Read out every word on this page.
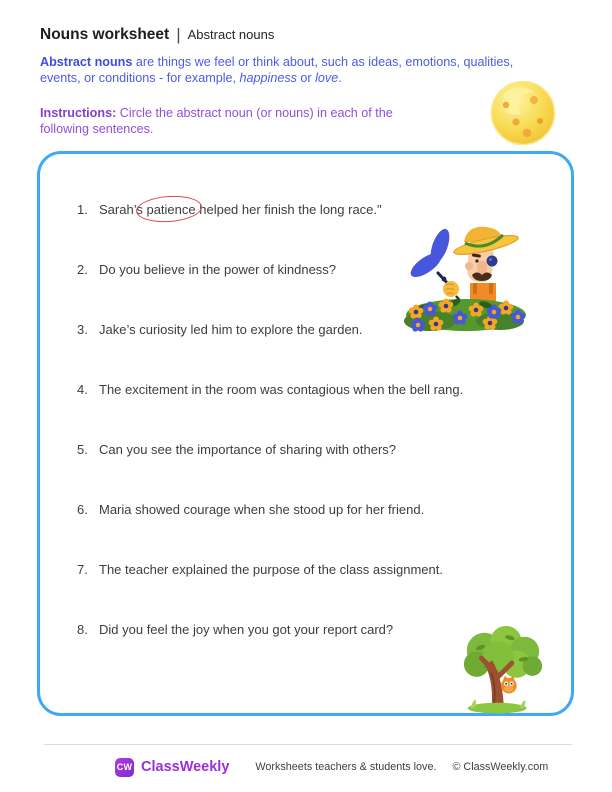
Nouns worksheet | Abstract nouns

Abstract nouns are things we feel or think about, such as ideas, emotions, qualities, events, or conditions - for example, happiness or love.

Instructions: Circle the abstract noun (or nouns) in each of the following sentences.

1. Sarah’s patience
helped her finish the long race."
2. Do you believe in the power of kindness?
3. Jake’s curiosity led him to explore the garden.
4. The excitement in the room was contagious when the bell rang.
5. Can you see the importance of sharing with others?
6. Maria showed courage when she stood up for her friend.
7. The teacher explained the purpose of the class assignment.
8. Did you feel the joy when you got your report card?
CW ClassWeekly Worksheets teachers & students love. © ClassWeekly.com
